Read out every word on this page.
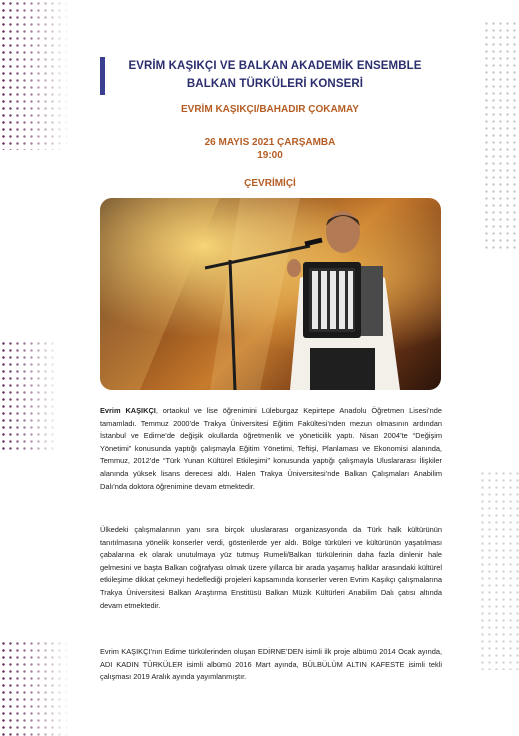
EVRİM KAŞIKÇI VE BALKAN AKADEMİK ENSEMBLE
BALKAN TÜRKÜLERİ KONSERİ
EVRİM KAŞIKÇI/BAHADIR ÇOKAMAY
26 MAYIS 2021 ÇARŞAMBA
19:00
ÇEVRİMİÇİ
Evrim KAŞIKÇI, ortaokul ve lise öğrenimini Lüleburgaz Kepirtepe Anadolu Öğretmen Lisesi’nde tamamladı. Temmuz 2000’de Trakya Üniversitesi Eğitim Fakültesi’nden mezun olmasının ardından İstanbul ve Edirne’de değişik okullarda öğretmenlik ve yöneticilik yaptı. Nisan 2004’te “Değişim Yönetimi” konusunda yaptığı çalışmayla Eğitim Yönetimi, Teftişi, Planlaması ve Ekonomisi alanında, Temmuz, 2012’de “Türk Yunan Kültürel Etkileşimi” konusunda yaptığı çalışmayla Uluslararası İlişkiler alanında yüksek lisans derecesi aldı. Halen Trakya Üniversitesi’nde Balkan Çalışmaları Anabilim Dalı’nda doktora öğrenimine devam etmektedir.
Ülkedeki çalışmalarının yanı sıra birçok uluslararası organizasyonda da Türk halk kültürünün tanıtılmasına yönelik konserler verdi, gösterilerde yer aldı. Bölge türküleri ve kültürünün yaşatılması çabalarına ek olarak unutulmaya yüz tutmuş Rumeli/Balkan türkülerinin daha fazla dinlenir hale gelmesini ve başta Balkan coğrafyası olmak üzere yıllarca bir arada yaşamış halklar arasındaki kültürel etkileşime dikkat çekmeyi hedeflediği projeleri kapsamında konserler veren Evrim Kaşıkçı çalışmalarına Trakya Üniversitesi Balkan Araştırma Enstitüsü Balkan Müzik Kültürleri Anabilim Dalı çatısı altında devam etmektedir.
Evrim KAŞIKÇI’nın Edirne türkülerinden oluşan EDİRNE’DEN isimli ilk proje albümü 2014 Ocak ayında, ADI KADIN TÜRKÜLER isimli albümü 2016 Mart ayında, BÜLBÜLÜM ALTIN KAFESTE isimli tekli çalışması 2019 Aralık ayında yayımlanmıştır.
